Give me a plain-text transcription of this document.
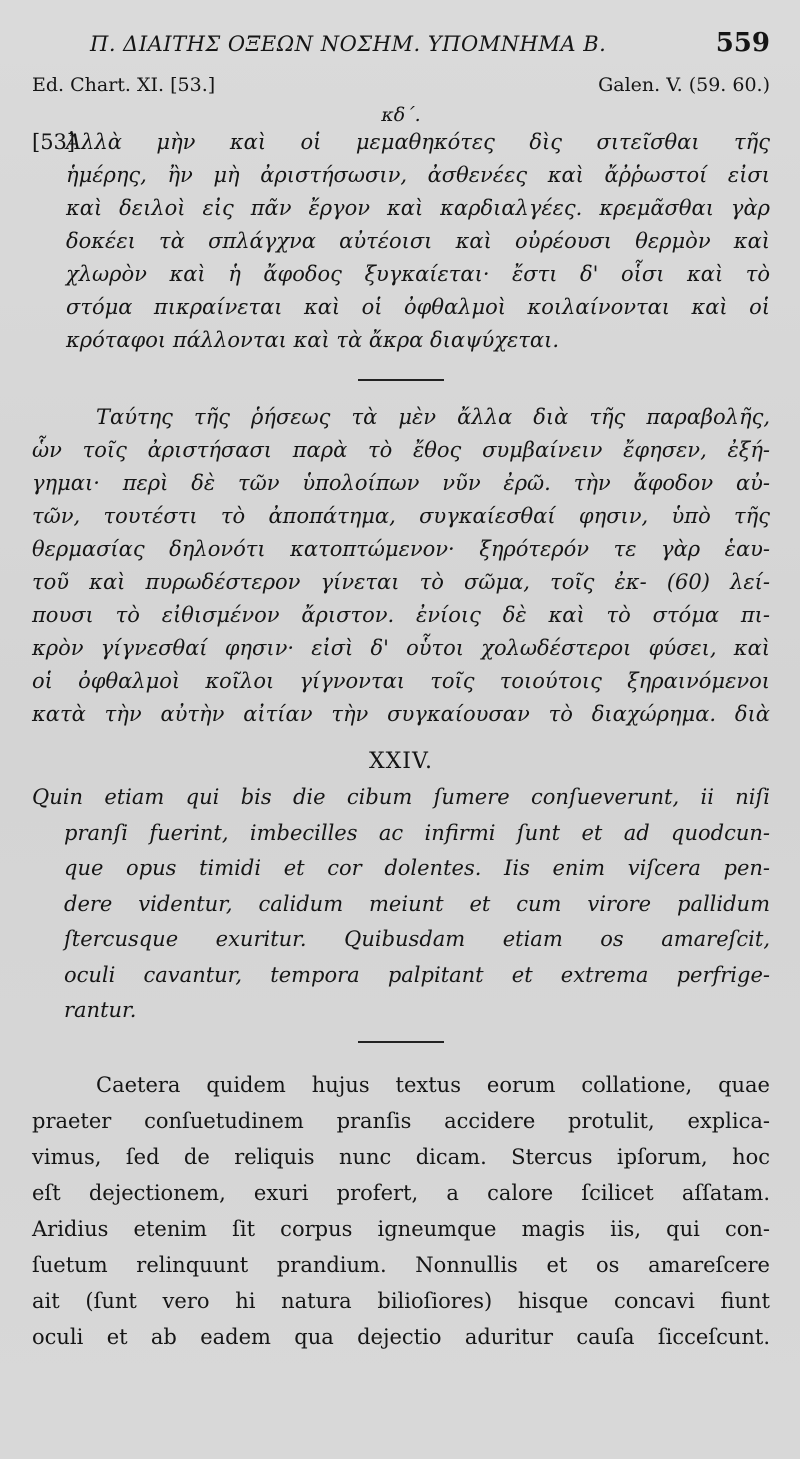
Π. ΔΙΑΙΤΗΣ ΟΞΕΩΝ ΝΟΣΗΜ. ΥΠΟΜΝΗΜΑ Β.	559
Ed. Chart. XI. [53.]	Galen. V. (59. 60.)
κδ΄.
[53]Ἀλλὰ μὴν καὶ οἱ μεμαθηκότες δὶς σιτεῖσθαι τῆς
ἡμέρης, ἢν μὴ ἀριστήσωσιν, ἀσθενέες καὶ ἄῤῥωστοί εἰσι
καὶ δειλοὶ εἰς πᾶν ἔργον καὶ καρδιαλγέες. κρεμᾶσθαι γὰρ
δοκέει τὰ σπλάγχνα αὐτέοισι καὶ οὐρέουσι θερμὸν καὶ
χλωρὸν καὶ ἡ ἄφοδος ξυγκαίεται· ἔστι δ' οἷσι καὶ τὸ
στόμα πικραίνεται καὶ οἱ ὀφθαλμοὶ κοιλαίνονται καὶ οἱ
κρόταφοι πάλλονται καὶ τὰ ἄκρα διαψύχεται.
Ταύτης τῆς ῥήσεως τὰ μὲν ἄλλα διὰ τῆς παραβολῆς,
ὧν τοῖς ἀριστήσασι παρὰ τὸ ἔθος συμβαίνειν ἔφησεν, ἐξή-
γημαι· περὶ δὲ τῶν ὑπολοίπων νῦν ἐρῶ. τὴν ἄφοδον αὐ-
τῶν, τουτέστι τὸ ἀποπάτημα, συγκαίεσθαί φησιν, ὑπὸ τῆς
θερμασίας δηλονότι κατοπτώμενον· ξηρότερόν τε γὰρ ἑαυ-
τοῦ καὶ πυρωδέστερον γίνεται τὸ σῶμα, τοῖς ἐκ- (60) λεί-
πουσι τὸ εἰθισμένον ἄριστον. ἐνίοις δὲ καὶ τὸ στόμα πι-
κρὸν γίγνεσθαί φησιν· εἰσὶ δ' οὗτοι χολωδέστεροι φύσει, καὶ
οἱ ὀφθαλμοὶ κοῖλοι γίγνονται τοῖς τοιούτοις ξηραινόμενοι
κατὰ τὴν αὐτὴν αἰτίαν τὴν συγκαίουσαν τὸ διαχώρημα. διὰ
XXIV.
Quin etiam qui bis die cibum ſumere conſueverunt, ii niſi
pranſi fuerint, imbecilles ac infirmi ſunt et ad quodcun-
que opus timidi et cor dolentes. Iis enim viſcera pen-
dere videntur, calidum meiunt et cum virore pallidum
ſtercusque exuritur. Quibusdam etiam os amareſcit,
oculi cavantur, tempora palpitant et extrema perfrige-
rantur.
Caetera quidem hujus textus eorum collatione, quae
praeter conſuetudinem pranſis accidere protulit, explica-
vimus, ſed de reliquis nunc dicam. Stercus ipſorum, hoc
eſt dejectionem, exuri profert, a calore ſcilicet aſſatam.
Aridius etenim ſit corpus igneumque magis iis, qui con-
ſuetum relinquunt prandium. Nonnullis et os amareſcere
ait (ſunt vero hi natura bilioſiores) hisque concavi fiunt
oculi et ab eadem qua dejectio aduritur cauſa ſicceſcunt.
